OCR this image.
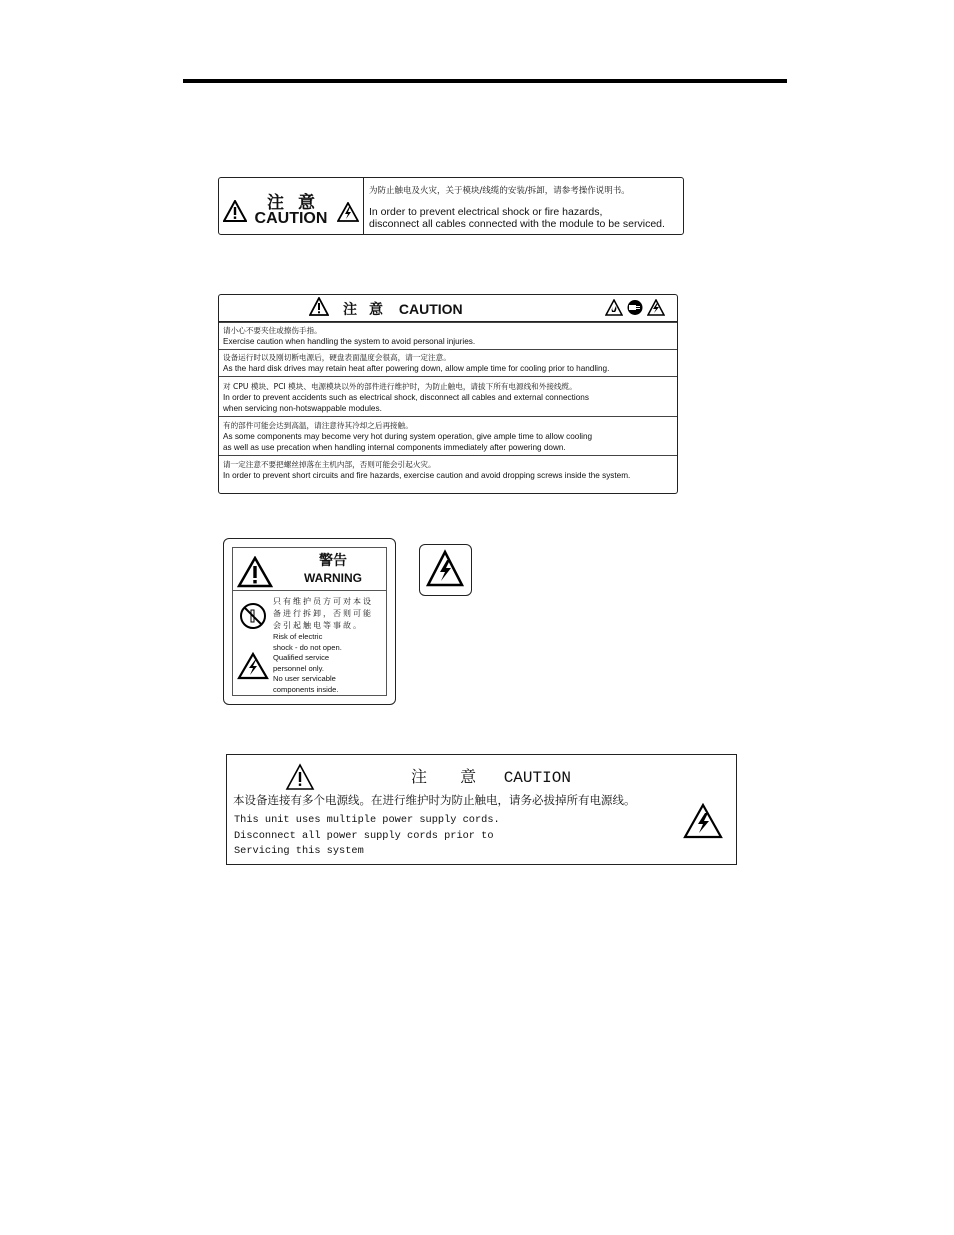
注意
CAUTION
为防止触电及火灾，关于模块/线缆的安装/拆卸，请参考操作说明书。
In order to prevent electrical shock or fire hazards,
disconnect all cables connected with the module to be serviced.
注意 CAUTION
请小心不要夹住或擦伤手指。
Exercise caution when handling the system to avoid personal injuries.
设备运行时以及刚切断电源后，硬盘表面温度会很高，请一定注意。
As the hard disk drives may retain heat after powering down, allow ample time for cooling prior to handling.
对 CPU 模块、PCI 模块、电源模块以外的部件进行维护时，为防止触电，请拔下所有电源线和外接线缆。
In order to prevent accidents such as electrical shock, disconnect all cables and external connections
when servicing non-hotswappable modules.
有的部件可能会达到高温，请注意待其冷却之后再接触。
As some components may become very hot during system operation, give ample time to allow cooling
as well as use precation when handling internal components immediately after powering down.
请一定注意不要把螺丝掉落在主机内部，否则可能会引起火灾。
In order to prevent short circuits and fire hazards, exercise caution and avoid dropping screws inside the system.
警告
WARNING
只有维护员方可对本设
备进行拆卸，否则可能
会引起触电等事故。
Risk of electric
shock - do not open.
Qualified service
personnel only.
No user servicable
components inside.
注 意 CAUTION
本设备连接有多个电源线。在进行维护时为防止触电，请务必拔掉所有电源线。
This unit uses multiple power supply cords.
Disconnect all power supply cords prior to
Servicing this system
